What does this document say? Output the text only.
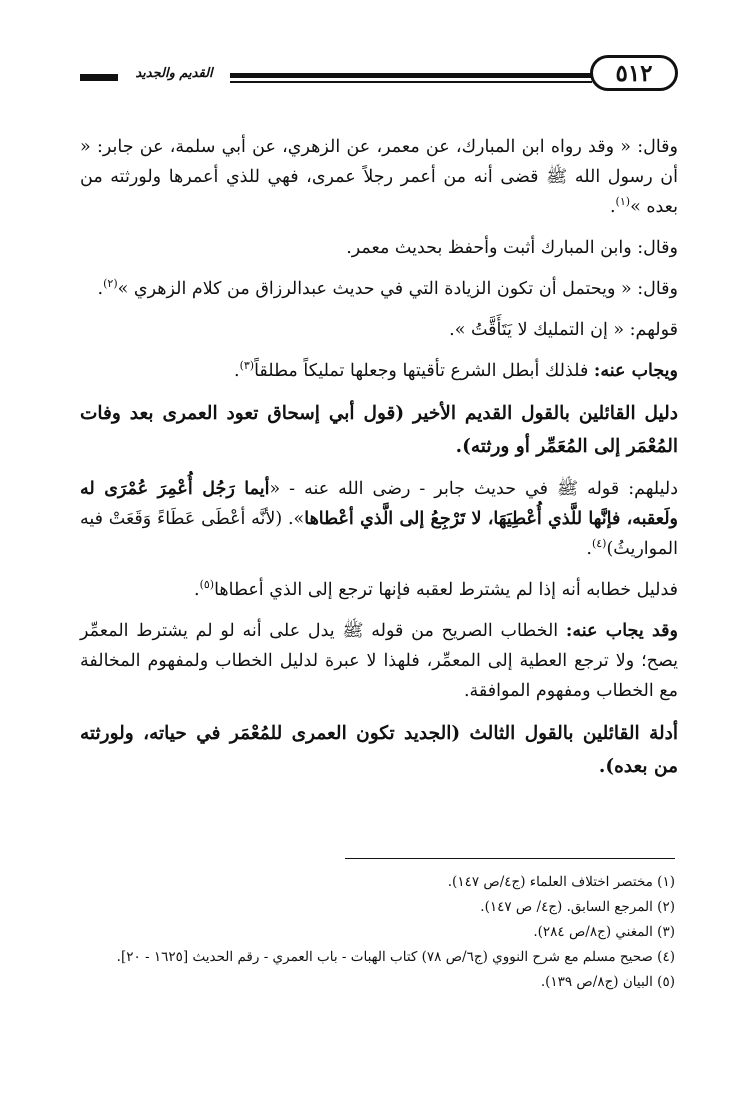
القديم والجديد	٥١٢

وقال: « وقد رواه ابن المبارك، عن معمر، عن الزهري، عن أبي سلمة، عن جابر: « أن رسول الله ﷺ قضى أنه من أعمر رجلاً عمرى، فهي للذي أعمرها ولورثته من بعده »$^{(١)}$.

وقال: وابن المبارك أثبت وأحفظ بحديث معمر.

وقال: « ويحتمل أن تكون الزيادة التي في حديث عبدالرزاق من كلام الزهري »$^{(٢)}$.

قولهم: « إن التمليك لا يَتَأَقَّتُ ».

ويجاب عنه: فلذلك أبطل الشرع تأقيتها وجعلها تمليكاً مطلقاً$^{(٣)}$.

دليل القائلين بالقول القديم الأخير (قول أبي إسحاق تعود العمرى بعد وفات المُعْمَر إلى المُعَمِّر أو ورثته).

دليلهم: قوله ﷺ في حديث جابر - رضى الله عنه - «أيما رَجُل أُعْمِرَ عُمْرَى له ولَعقبه، فإنَّها للَّذي أُعْطِيَهَا، لا تَرْجِعُ إلى الَّذي أعْطاها». (لأنَّه أعْطَى عَطَاءً وَقَعَتْ فيه المواريثُ)$^{(٤)}$.

فدليل خطابه أنه إذا لم يشترط لعقبه فإنها ترجع إلى الذي أعطاها$^{(٥)}$.

وقد يجاب عنه: الخطاب الصريح من قوله ﷺ يدل على أنه لو لم يشترط المعمِّر يصح؛ ولا ترجع العطية إلى المعمِّر، فلهذا لا عبرة لدليل الخطاب ولمفهوم المخالفة مع الخطاب ومفهوم الموافقة.

أدلة القائلين بالقول الثالث (الجديد تكون العمرى للمُعْمَر في حياته، ولورثته من بعده).

(١) مختصر اختلاف العلماء (ج٤/ص ١٤٧).

(٢) المرجع السابق. (ج٤/ ص ١٤٧).

(٣) المغني (ج٨/ص ٢٨٤).

(٤) صحيح مسلم مع شرح النووي (ج٦/ص ٧٨) كتاب الهبات - باب العمري - رقم الحديث [١٦٢٥ - ٢٠].

(٥) البيان (ج٨/ص ١٣٩).
